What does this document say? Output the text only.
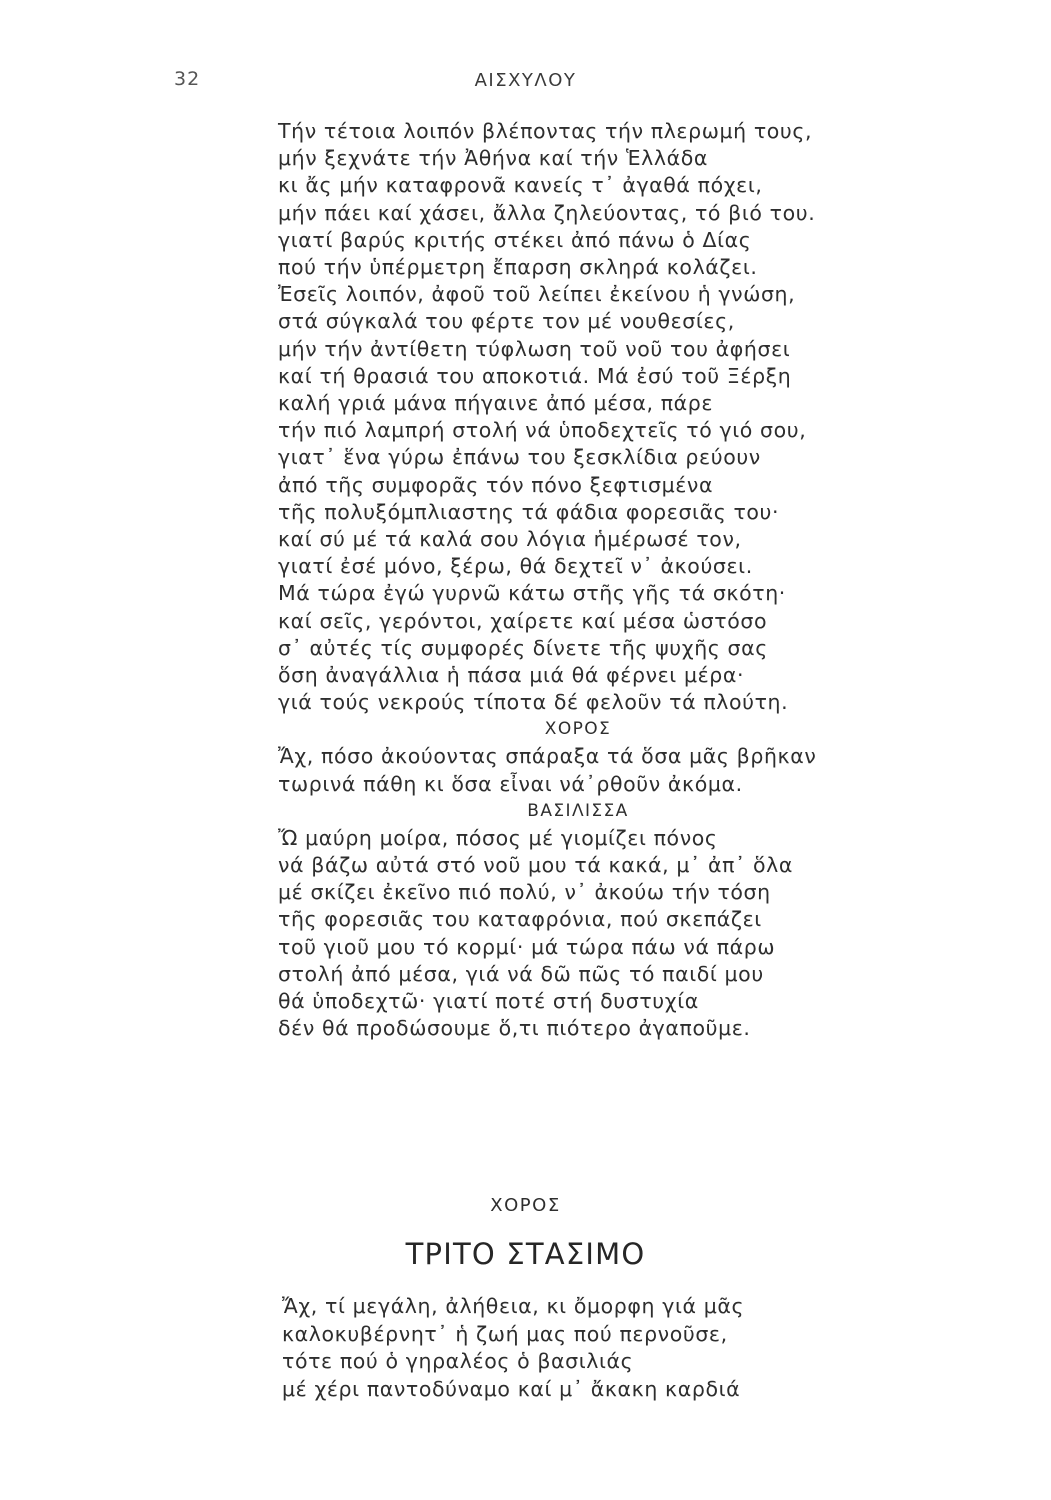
32	ΑΙΣΧΥΛΟΥ
Τήν τέτοια λοιπόν βλέποντας τήν πλερωμή τους,
μήν ξεχνάτε τήν Ἀθήνα καί τήν Ἑλλάδα
κι ἄς μήν καταφρονᾶ κανείς τ᾽ ἀγαθά πόχει,
μήν πάει καί χάσει, ἄλλα ζηλεύοντας, τό βιό του.
γιατί βαρύς κριτής στέκει ἀπό πάνω ὁ Δίας
πού τήν ὑπέρμετρη ἔπαρση σκληρά κολάζει.
Ἐσεῖς λοιπόν, ἀφοῦ τοῦ λείπει ἐκείνου ἡ γνώση,
στά σύγκαλά του φέρτε τον μέ νουθεσίες,
μήν τήν ἀντίθετη τύφλωση τοῦ νοῦ του ἀφήσει
καί τή θρασιά του αποκοτιά. Μά ἐσύ τοῦ Ξέρξη
καλή γριά μάνα πήγαινε ἀπό μέσα, πάρε
τήν πιό λαμπρή στολή νά ὑποδεχτεῖς τό γιό σου,
γιατ᾽ ἕνα γύρω ἐπάνω του ξεσκλίδια ρεύουν
ἀπό τῆς συμφορᾶς τόν πόνο ξεφτισμένα
τῆς πολυξόμπλιαστης τά φάδια φορεσιᾶς του·
καί σύ μέ τά καλά σου λόγια ἡμέρωσέ τον,
γιατί ἐσέ μόνο, ξέρω, θά δεχτεῖ ν᾽ ἀκούσει.
Μά τώρα ἐγώ γυρνῶ κάτω στῆς γῆς τά σκότη·
καί σεῖς, γερόντοι, χαίρετε καί μέσα ὡστόσο
σ᾽ αὐτές τίς συμφορές δίνετε τῆς ψυχῆς σας
ὅση ἀναγάλλια ἡ πάσα μιά θά φέρνει μέρα·
γιά τούς νεκρούς τίποτα δέ φελοῦν τά πλούτη.
ΧΟΡΟΣ
Ἄχ, πόσο ἀκούοντας σπάραξα τά ὅσα μᾶς βρῆκαν
τωρινά πάθη κι ὅσα εἶναι νά᾽ρθοῦν ἀκόμα.
ΒΑΣΙΛΙΣΣΑ
Ὤ μαύρη μοίρα, πόσος μέ γιομίζει πόνος
νά βάζω αὐτά στό νοῦ μου τά κακά, μ᾽ ἀπ᾽ ὅλα
μέ σκίζει ἐκεῖνο πιό πολύ, ν᾽ ἀκούω τήν τόση
τῆς φορεσιᾶς του καταφρόνια, πού σκεπάζει
τοῦ γιοῦ μου τό κορμί· μά τώρα πάω νά πάρω
στολή ἀπό μέσα, γιά νά δῶ πῶς τό παιδί μου
θά ὑποδεχτῶ· γιατί ποτέ στή δυστυχία
δέν θά προδώσουμε ὅ,τι πιότερο ἀγαποῦμε.
ΧΟΡΟΣ
ΤΡΙΤΟ ΣΤΑΣΙΜΟ
Ἄχ, τί μεγάλη, ἀλήθεια, κι ὄμορφη γιά μᾶς
καλοκυβέρνητ᾽ ἡ ζωή μας πού περνοῦσε,
τότε πού ὁ γηραλέος ὁ βασιλιάς
μέ χέρι παντοδύναμο καί μ᾽ ἄκακη καρδιά
